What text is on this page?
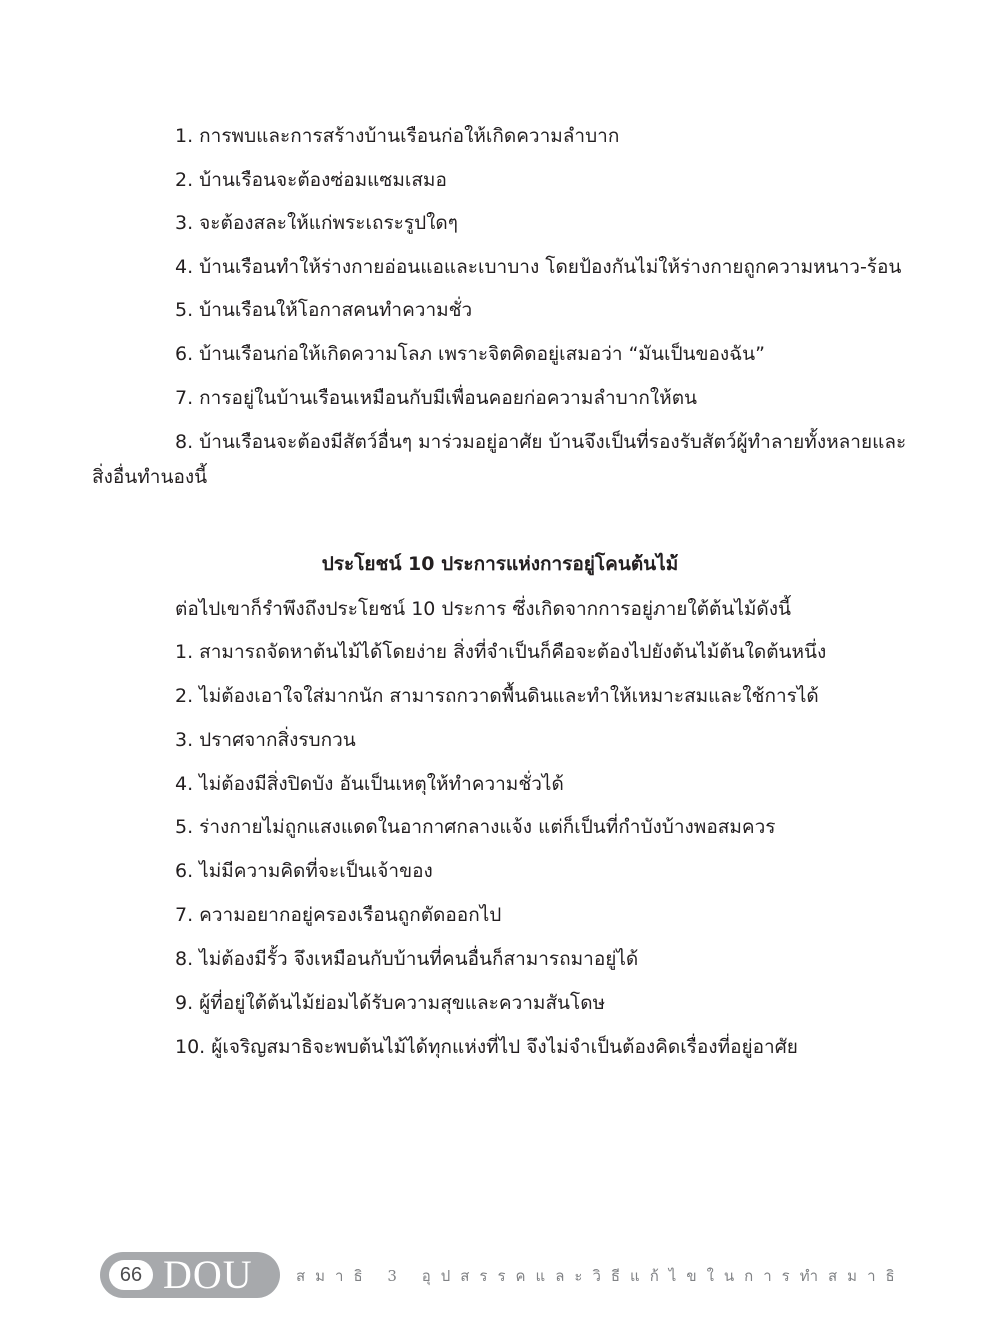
1. การพบและการสร้างบ้านเรือนก่อให้เกิดความลำบาก
2. บ้านเรือนจะต้องซ่อมแซมเสมอ
3. จะต้องสละให้แก่พระเถระรูปใดๆ
4. บ้านเรือนทำให้ร่างกายอ่อนแอและเบาบาง โดยป้องกันไม่ให้ร่างกายถูกความหนาว-ร้อน
5. บ้านเรือนให้โอกาสคนทำความชั่ว
6. บ้านเรือนก่อให้เกิดความโลภ เพราะจิตคิดอยู่เสมอว่า “มันเป็นของฉัน”
7. การอยู่ในบ้านเรือนเหมือนกับมีเพื่อนคอยก่อความลำบากให้ตน
8. บ้านเรือนจะต้องมีสัตว์อื่นๆ มาร่วมอยู่อาศัย บ้านจึงเป็นที่รองรับสัตว์ผู้ทำลายทั้งหลายและ
สิ่งอื่นทำนองนี้
ประโยชน์ 10 ประการแห่งการอยู่โคนต้นไม้
ต่อไปเขาก็รำพึงถึงประโยชน์ 10 ประการ ซึ่งเกิดจากการอยู่ภายใต้ต้นไม้ดังนี้
1. สามารถจัดหาต้นไม้ได้โดยง่าย สิ่งที่จำเป็นก็คือจะต้องไปยังต้นไม้ต้นใดต้นหนึ่ง
2. ไม่ต้องเอาใจใส่มากนัก สามารถกวาดพื้นดินและทำให้เหมาะสมและใช้การได้
3. ปราศจากสิ่งรบกวน
4. ไม่ต้องมีสิ่งปิดบัง อันเป็นเหตุให้ทำความชั่วได้
5. ร่างกายไม่ถูกแสงแดดในอากาศกลางแจ้ง แต่ก็เป็นที่กำบังบ้างพอสมควร
6. ไม่มีความคิดที่จะเป็นเจ้าของ
7. ความอยากอยู่ครองเรือนถูกตัดออกไป
8. ไม่ต้องมีรั้ว จึงเหมือนกับบ้านที่คนอื่นก็สามารถมาอยู่ได้
9. ผู้ที่อยู่ใต้ต้นไม้ย่อมได้รับความสุขและความสันโดษ
10. ผู้เจริญสมาธิจะพบต้นไม้ได้ทุกแห่งที่ไป จึงไม่จำเป็นต้องคิดเรื่องที่อยู่อาศัย
66 DOU	สมาธิ 3 อุปสรรคและวิธีแก้ไขในการทำสมาธิ
